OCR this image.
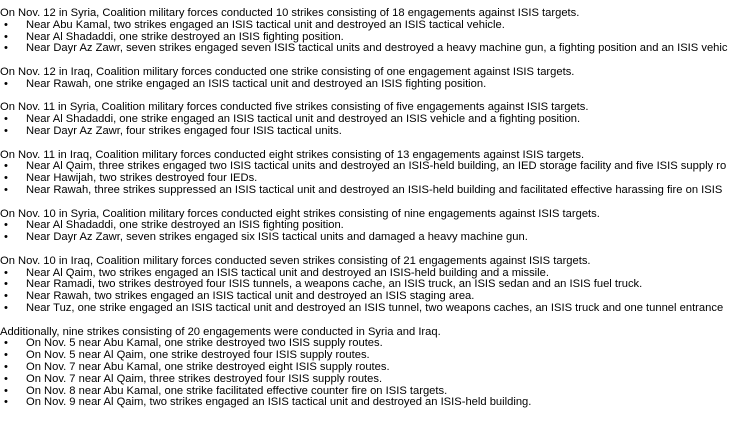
On Nov. 12 in Syria, Coalition military forces conducted 10 strikes consisting of 18 engagements against ISIS targets.
• Near Abu Kamal, two strikes engaged an ISIS tactical unit and destroyed an ISIS tactical vehicle.
• Near Al Shadaddi, one strike destroyed an ISIS fighting position.
• Near Dayr Az Zawr, seven strikes engaged seven ISIS tactical units and destroyed a heavy machine gun, a fighting position and an ISIS vehic
On Nov. 12 in Iraq, Coalition military forces conducted one strike consisting of one engagement against ISIS targets.
• Near Rawah, one strike engaged an ISIS tactical unit and destroyed an ISIS fighting position.
On Nov. 11 in Syria, Coalition military forces conducted five strikes consisting of five engagements against ISIS targets.
• Near Al Shadaddi, one strike engaged an ISIS tactical unit and destroyed an ISIS vehicle and a fighting position.
• Near Dayr Az Zawr, four strikes engaged four ISIS tactical units.
On Nov. 11 in Iraq, Coalition military forces conducted eight strikes consisting of 13 engagements against ISIS targets.
• Near Al Qaim, three strikes engaged two ISIS tactical units and destroyed an ISIS-held building, an IED storage facility and five ISIS supply ro
• Near Hawijah, two strikes destroyed four IEDs.
• Near Rawah, three strikes suppressed an ISIS tactical unit and destroyed an ISIS-held building and facilitated effective harassing fire on ISIS
On Nov. 10 in Syria, Coalition military forces conducted eight strikes consisting of nine engagements against ISIS targets.
• Near Al Shadaddi, one strike destroyed an ISIS fighting position.
• Near Dayr Az Zawr, seven strikes engaged six ISIS tactical units and damaged a heavy machine gun.
On Nov. 10 in Iraq, Coalition military forces conducted seven strikes consisting of 21 engagements against ISIS targets.
• Near Al Qaim, two strikes engaged an ISIS tactical unit and destroyed an ISIS-held building and a missile.
• Near Ramadi, two strikes destroyed four ISIS tunnels, a weapons cache, an ISIS truck, an ISIS sedan and an ISIS fuel truck.
• Near Rawah, two strikes engaged an ISIS tactical unit and destroyed an ISIS staging area.
• Near Tuz, one strike engaged an ISIS tactical unit and destroyed an ISIS tunnel, two weapons caches, an ISIS truck and one tunnel entrance
Additionally, nine strikes consisting of 20 engagements were conducted in Syria and Iraq.
• On Nov. 5 near Abu Kamal, one strike destroyed two ISIS supply routes.
• On Nov. 5 near Al Qaim, one strike destroyed four ISIS supply routes.
• On Nov. 7 near Abu Kamal, one strike destroyed eight ISIS supply routes.
• On Nov. 7 near Al Qaim, three strikes destroyed four ISIS supply routes.
• On Nov. 8 near Abu Kamal, one strike facilitated effective counter fire on ISIS targets.
• On Nov. 9 near Al Qaim, two strikes engaged an ISIS tactical unit and destroyed an ISIS-held building.
